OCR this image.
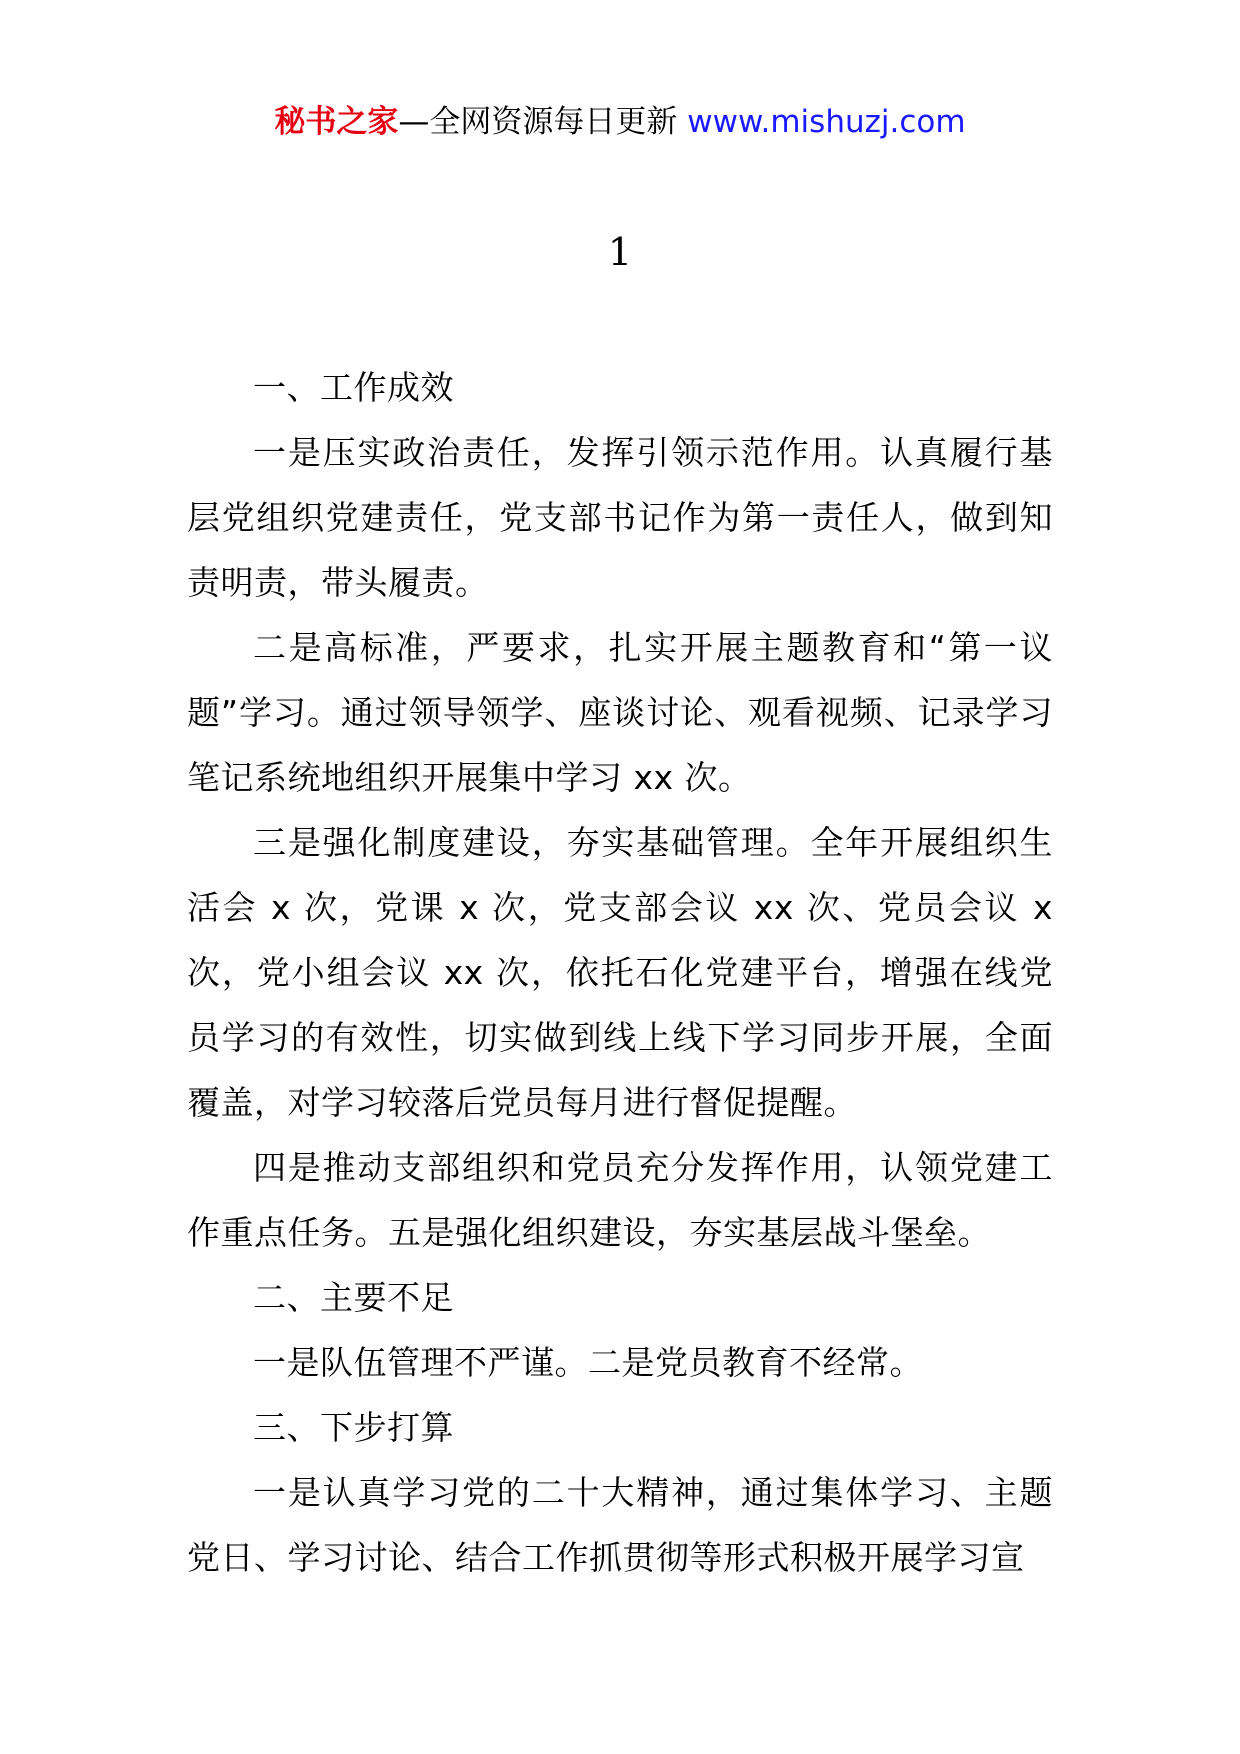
秘书之家—全网资源每日更新 www.mishuzj.com
1

一、工作成效

一是压实政治责任，发挥引领示范作用。认真履行基层党组织党建责任，党支部书记作为第一责任人，做到知责明责，带头履责。

二是高标准，严要求，扎实开展主题教育和“第一议题”学习。通过领导领学、座谈讨论、观看视频、记录学习笔记系统地组织开展集中学习 xx 次。

三是强化制度建设，夯实基础管理。全年开展组织生活会 x 次，党课 x 次，党支部会议 xx 次、党员会议 x 次，党小组会议 xx 次，依托石化党建平台，增强在线党员学习的有效性，切实做到线上线下学习同步开展，全面覆盖，对学习较落后党员每月进行督促提醒。

四是推动支部组织和党员充分发挥作用，认领党建工作重点任务。五是强化组织建设，夯实基层战斗堡垒。

二、主要不足

一是队伍管理不严谨。二是党员教育不经常。

三、下步打算

一是认真学习党的二十大精神，通过集体学习、主题党日、学习讨论、结合工作抓贯彻等形式积极开展学习宣
